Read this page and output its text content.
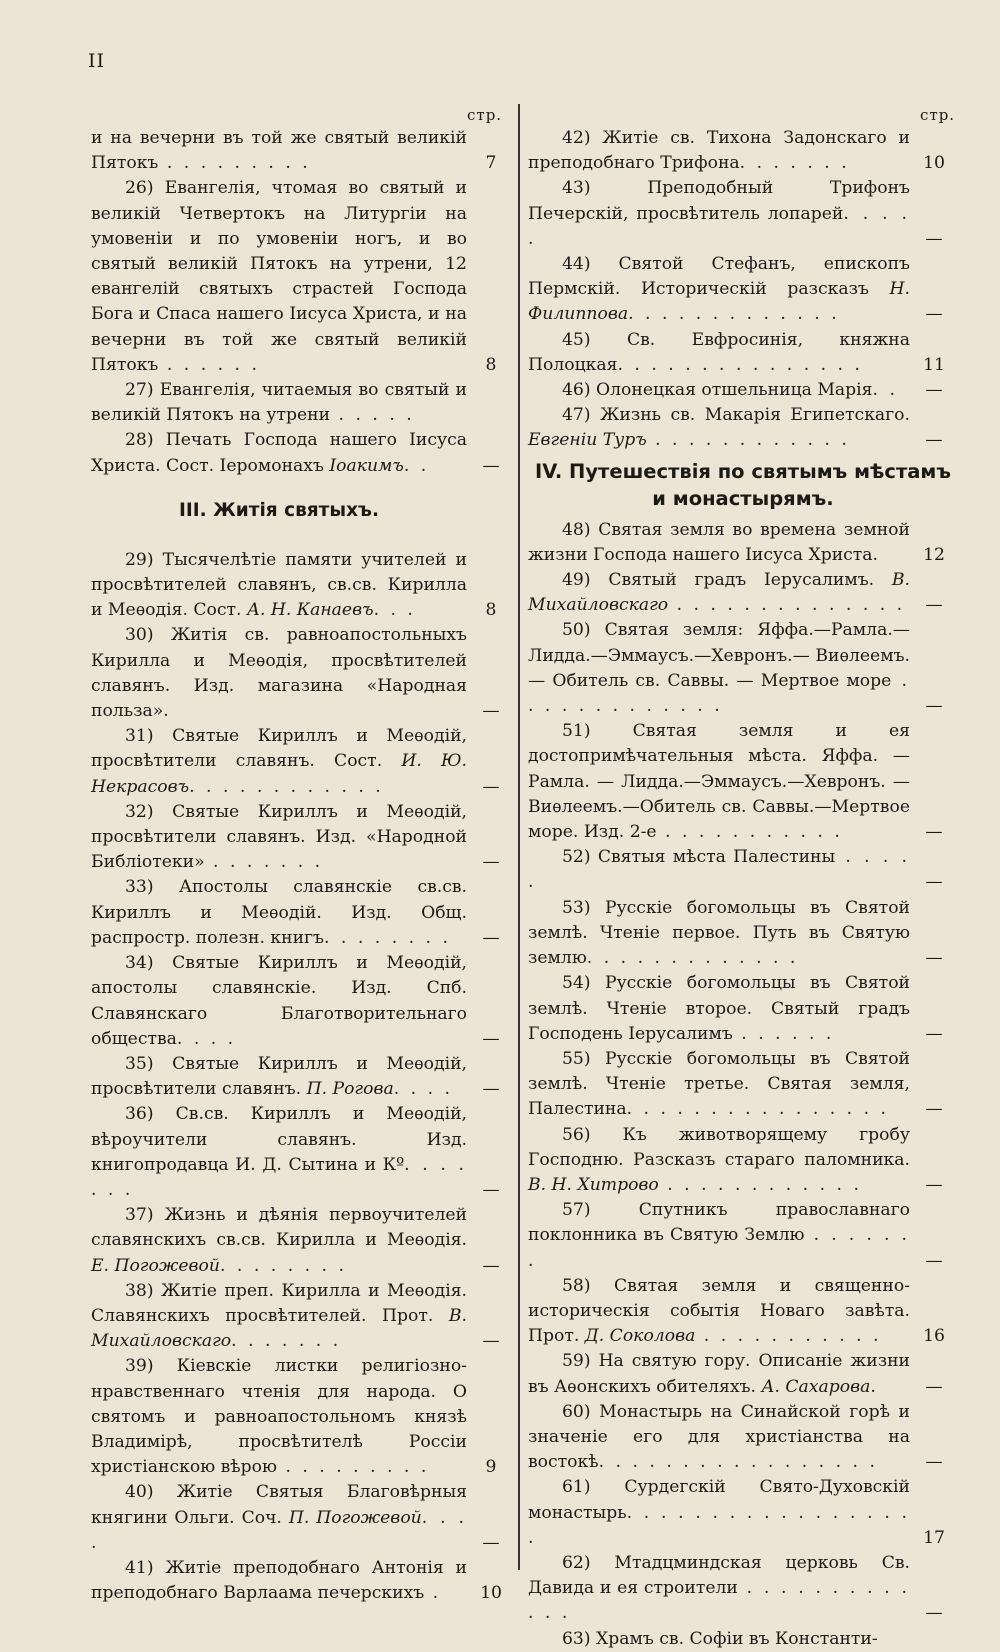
II
стр.

и на вечерни въ той же святый великій Пятокъ . . . . . . . . .	7

26) Евангелія, чтомая во святый и великій Четвертокъ на Литургіи на умовеніи и по умовеніи ногъ, и во святый великій Пятокъ на утрени, 12 евангелій святыхъ страстей Господа Бога и Спаса нашего Іисуса Христа, и на вечерни въ той же святый великій Пятокъ . . . . . .	8

27) Евангелія, читаемыя во святый и великій Пятокъ на утрени . . . . .

28) Печать Господа нашего Іисуса Христа. Сост. Іеромонахъ Іоакимъ. .	—

III. Житія святыхъ.

29) Тысячелѣтіе памяти учителей и просвѣтителей славянъ, св.св. Кирилла и Меѳодія. Сост. А. Н. Канаевъ. . .	8

30) Житія св. равноапостольныхъ Кирилла и Меѳодія, просвѣтителей славянъ. Изд. магазина «Народная польза».	—

31) Святые Кириллъ и Меѳодій, просвѣтители славянъ. Сост. И. Ю. Некрасовъ. . . . . . . . . . . .	—

32) Святые Кириллъ и Меѳодій, просвѣтители славянъ. Изд. «Народной Библіотеки» . . . . . . .	—

33) Апостолы славянскіе св.св. Кириллъ и Меѳодій. Изд. Общ. распростр. полезн. книгъ. . . . . . . .	—

34) Святые Кириллъ и Меѳодій, апостолы славянскіе. Изд. Спб. Славянскаго Благотворительнаго общества. . . .	—

35) Святые Кириллъ и Меѳодій, просвѣтители славянъ. П. Рогова. . . .	—

36) Св.св. Кириллъ и Меѳодій, вѣроучители славянъ. Изд. книгопродавца И. Д. Сытина и Кº. . . . . . .	—

37) Жизнь и дѣянія первоучителей славянскихъ св.св. Кирилла и Меѳодія. Е. Погожевой. . . . . . . .	—

38) Житіе преп. Кирилла и Меѳодія. Славянскихъ просвѣтителей. Прот. В. Михайловскаго. . . . . . .	—

39) Кіевскіе листки религіозно-нравственнаго чтенія для народа. О святомъ и равноапостольномъ князѣ Владимірѣ, просвѣтителѣ Россіи христіанскою вѣрою . . . . . . . . .	9

40) Житіе Святыя Благовѣрныя княгини Ольги. Соч. П. Погожевой. . . .	—

41) Житіе преподобнаго Антонія и преподобнаго Варлаама печерскихъ .	10

стр.

42) Житіе св. Тихона Задонскаго и преподобнаго Трифона. . . . . . .	10

43) Преподобный Трифонъ Печерскій, просвѣтитель лопарей. . . . .	—

44) Святой Стефанъ, епископъ Пермскій. Историческій разсказъ Н. Филиппова. . . . . . . . . . . . .	—

45) Св. Евфросинія, княжна Полоцкая. . . . . . . . . . . . . . .	11

46) Олонецкая отшельница Марія. .	—

47) Жизнь св. Макарія Египетскаго. Евгеніи Туръ . . . . . . . . . . . .	—

IV. Путешествія по святымъ мѣстамъ и монастырямъ.

48) Святая земля во времена земной жизни Господа нашего Іисуса Христа.	12

49) Святый градъ Іерусалимъ. В. Михайловскаго . . . . . . . . . . . . . .	—

50) Святая земля: Яффа.—Рамла.—Лидда.—Эммаусъ.—Хевронъ.— Виѳлеемъ. — Обитель св. Саввы. — Мертвое море . . . . . . . . . . . . .	—

51) Святая земля и ея достопримѣчательныя мѣста. Яффа. — Рамла. — Лидда.—Эммаусъ.—Хевронъ. — Виѳлеемъ.—Обитель св. Саввы.—Мертвое море. Изд. 2-е . . . . . . . . . . .	—

52) Святыя мѣста Палестины . . . . .	—

53) Русскіе богомольцы въ Святой землѣ. Чтеніе первое. Путь въ Святую землю. . . . . . . . . . . . .	—

54) Русскіе богомольцы въ Святой землѣ. Чтеніе второе. Святый градъ Господень Іерусалимъ . . . . . .	—

55) Русскіе богомольцы въ Святой землѣ. Чтеніе третье. Святая земля, Палестина. . . . . . . . . . . . . . . .	—

56) Къ животворящему гробу Господню. Разсказъ стараго паломника. В. Н. Хитрово . . . . . . . . . . . .	—

57) Спутникъ православнаго поклонника въ Святую Землю . . . . . . .	—

58) Святая земля и священно-историческія событія Новаго завѣта. Прот. Д. Соколова . . . . . . . . . . .	16

59) На святую гору. Описаніе жизни въ Аѳонскихъ обителяхъ. А. Сахарова.	—

60) Монастырь на Синайской горѣ и значеніе его для христіанства на востокѣ. . . . . . . . . . . . . . . . .	—

61) Сурдегскій Свято-Духовскій монастырь. . . . . . . . . . . . . . . . . .	17

62) Мтадцминдская церковь Св. Давида и ея строители . . . . . . . . . . . . .	—

63) Храмъ св. Софіи въ Константи-
